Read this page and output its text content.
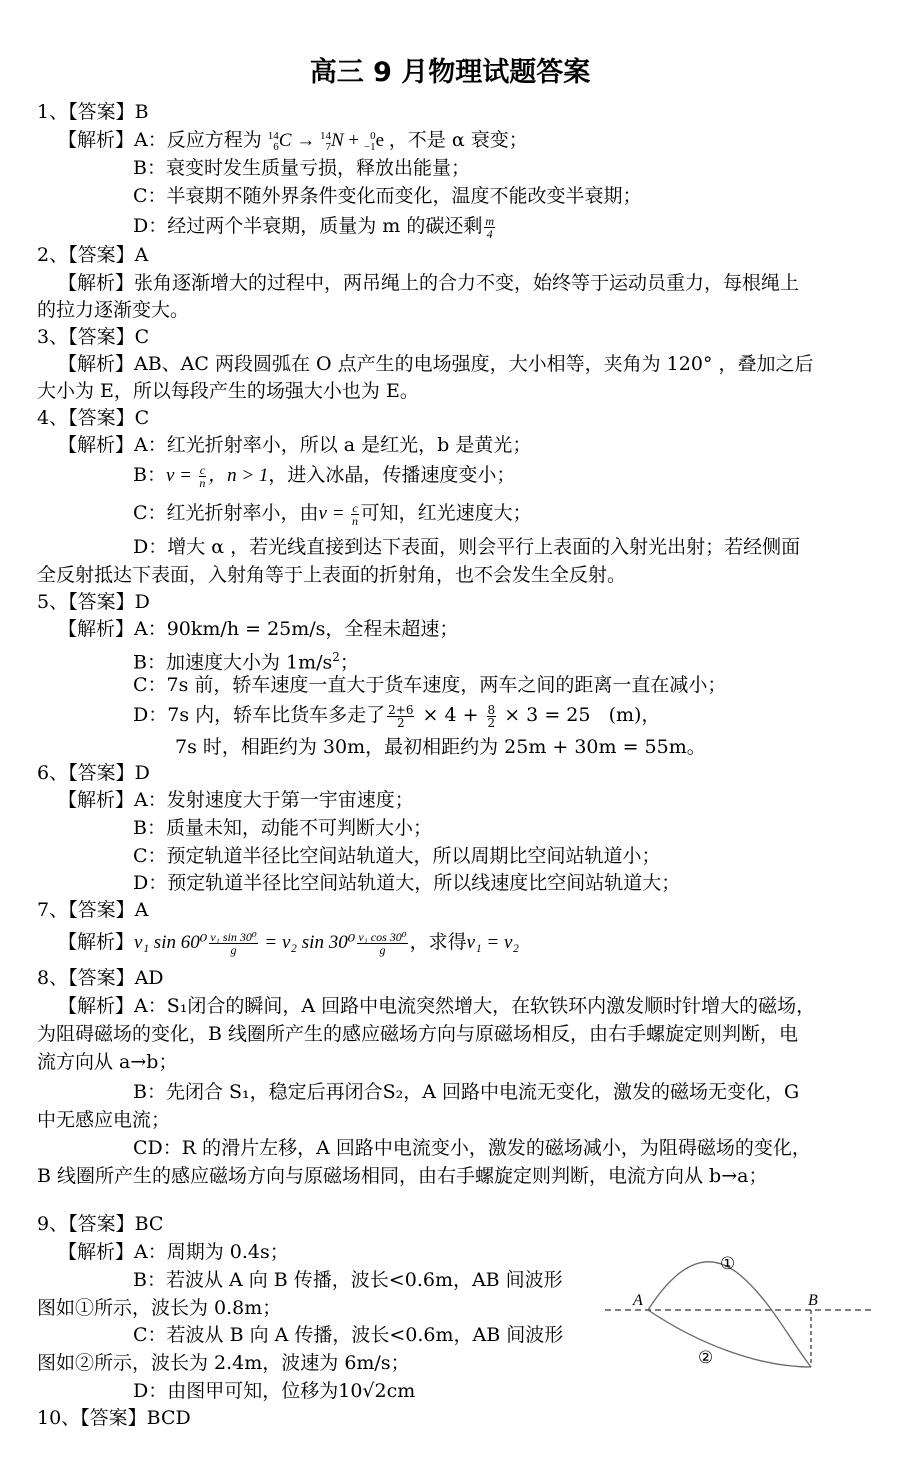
高三 9 月物理试题答案
1、【答案】B
【解析】A：反应方程为 14
6 C → 14
7 N + 0
−1 e ，不是 α 衰变；
B：衰变时发生质量亏损，释放出能量；
C：半衰期不随外界条件变化而变化，温度不能改变半衰期；
D：经过两个半衰期，质量为 m 的碳还剩 $\frac{m}{4}$
2、【答案】A
【解析】张角逐渐增大的过程中，两吊绳上的合力不变，始终等于运动员重力，每根绳上
的拉力逐渐变大。
3、【答案】C
【解析】AB、AC 两段圆弧在 O 点产生的电场强度，大小相等，夹角为 120° ，叠加之后
大小为 E，所以每段产生的场强大小也为 E。
4、【答案】C
【解析】A：红光折射率小，所以 a 是红光，b 是黄光；
B：$v = \frac{c}{n}$ ，n > 1，进入冰晶，传播速度变小；
C：红光折射率小，由$v = \frac{c}{n}$ 可知，红光速度大；
D：增大 α ，若光线直接到达下表面，则会平行上表面的入射光出射；若经侧面
全反射抵达下表面，入射角等于上表面的折射角，也不会发生全反射。
5、【答案】D
【解析】A：90km/h = 25m/s，全程未超速；
B：加速度大小为 $1m/s^2$；
C：7s 前，轿车速度一直大于货车速度，两车之间的距离一直在减小；
D：7s 内，轿车比货车多走了 $\frac{2+6}{2} \times 4 + \frac{8}{2} \times 3 = 25$ (m)，
7s 时，相距约为 30m，最初相距约为 25m + 30m = 55m。
6、【答案】D
【解析】A：发射速度大于第一宇宙速度；
B：质量未知，动能不可判断大小；
C：预定轨道半径比空间站轨道大，所以周期比空间站轨道小；
D：预定轨道半径比空间站轨道大，所以线速度比空间站轨道大；
7、【答案】A
【解析】v₁ $\sin 60^0 \frac{\text{v₁ sin 30⁰}}{g} = v_2$ $\sin 30^0 \frac{\text{v₁ cos 30⁰}}{g}$ ，求得v₁ = v₂
8、【答案】AD
【解析】A：S₁闭合的瞬间，A 回路中电流突然增大，在软铁环内激发顺时针增大的磁场，
为阻碍磁场的变化，B 线圈所产生的感应磁场方向与原磁场相反，由右手螺旋定则判断，电
流方向从 a→b；
B：先闭合 S₁，稳定后再闭合S₂，A 回路中电流无变化，激发的磁场无变化，G
中无感应电流；
CD：R 的滑片左移，A 回路中电流变小，激发的磁场减小，为阻碍磁场的变化，
B 线圈所产生的感应磁场方向与原磁场相同，由右手螺旋定则判断，电流方向从 b→a；
9、【答案】BC
【解析】A：周期为 0.4s；
B：若波从 A 向 B 传播，波长<0.6m，AB 间波形
图如①所示，波长为 0.8m；
C：若波从 B 向 A 传播，波长<0.6m，AB 间波形
图如②所示，波长为 2.4m，波速为 6m/s；
D：由图甲可知，位移为10√2cm
A	B
①
②
10、【答案】BCD
